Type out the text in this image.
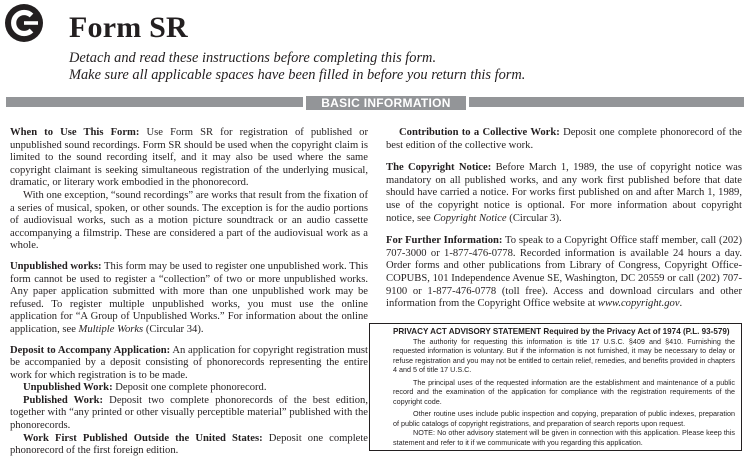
Form SR
Detach and read these instructions before completing this form.
Make sure all applicable spaces have been filled in before you return this form.
BASIC INFORMATION

When to Use This Form: Use Form SR for registration of published or unpublished sound recordings. Form SR should be used when the copyright claim is limited to the sound recording itself, and it may also be used where the same copyright claimant is seeking simultaneous registration of the underlying musical, dramatic, or literary work embodied in the phonorecord.

With one exception, “sound recordings” are works that result from the fixation of a series of musical, spoken, or other sounds. The exception is for the audio portions of audiovisual works, such as a motion picture soundtrack or an audio cassette accompanying a filmstrip. These are considered a part of the audiovisual work as a whole.

Unpublished works: This form may be used to register one unpublished work. This form cannot be used to register a “collection” of two or more unpublished works. Any paper application submitted with more than one unpublished work may be refused. To register multiple unpublished works, you must use the online application for “A Group of Unpublished Works.” For information about the online application, see Multiple Works (Circular 34).

Deposit to Accompany Application: An application for copyright registration must be accompanied by a deposit consisting of phonorecords representing the entire work for which registration is to be made.

Unpublished Work: Deposit one complete phonorecord.

Published Work: Deposit two complete phonorecords of the best edition, together with “any printed or other visually perceptible material” published with the phonorecords.

Work First Published Outside the United States: Deposit one complete phonorecord of the first foreign edition.

Contribution to a Collective Work: Deposit one complete phonorecord of the best edition of the collective work.

The Copyright Notice: Before March 1, 1989, the use of copyright notice was mandatory on all published works, and any work first published before that date should have carried a notice. For works first published on and after March 1, 1989, use of the copyright notice is optional. For more information about copyright notice, see Copyright Notice (Circular 3).

For Further Information: To speak to a Copyright Office staff member, call (202) 707-3000 or 1-877-476-0778. Recorded information is available 24 hours a day. Order forms and other publications from Library of Congress, Copyright Office-COPUBS, 101 Independence Avenue SE, Washington, DC 20559 or call (202) 707-9100 or 1-877-476-0778 (toll free). Access and download circulars and other information from the Copyright Office website at www.copyright.gov.

PRIVACY ACT ADVISORY STATEMENT Required by the Privacy Act of 1974 (P.L. 93-579)

The authority for requesting this information is title 17 U.S.C. §409 and §410. Furnishing the requested information is voluntary. But if the information is not furnished, it may be necessary to delay or refuse registration and you may not be entitled to certain relief, remedies, and benefits provided in chapters 4 and 5 of title 17 U.S.C.

The principal uses of the requested information are the establishment and maintenance of a public record and the examination of the application for compliance with the registration requirements of the copyright code.

Other routine uses include public inspection and copying, preparation of public indexes, preparation of public catalogs of copyright registrations, and preparation of search reports upon request.

NOTE: No other advisory statement will be given in connection with this application. Please keep this statement and refer to it if we communicate with you regarding this application.
